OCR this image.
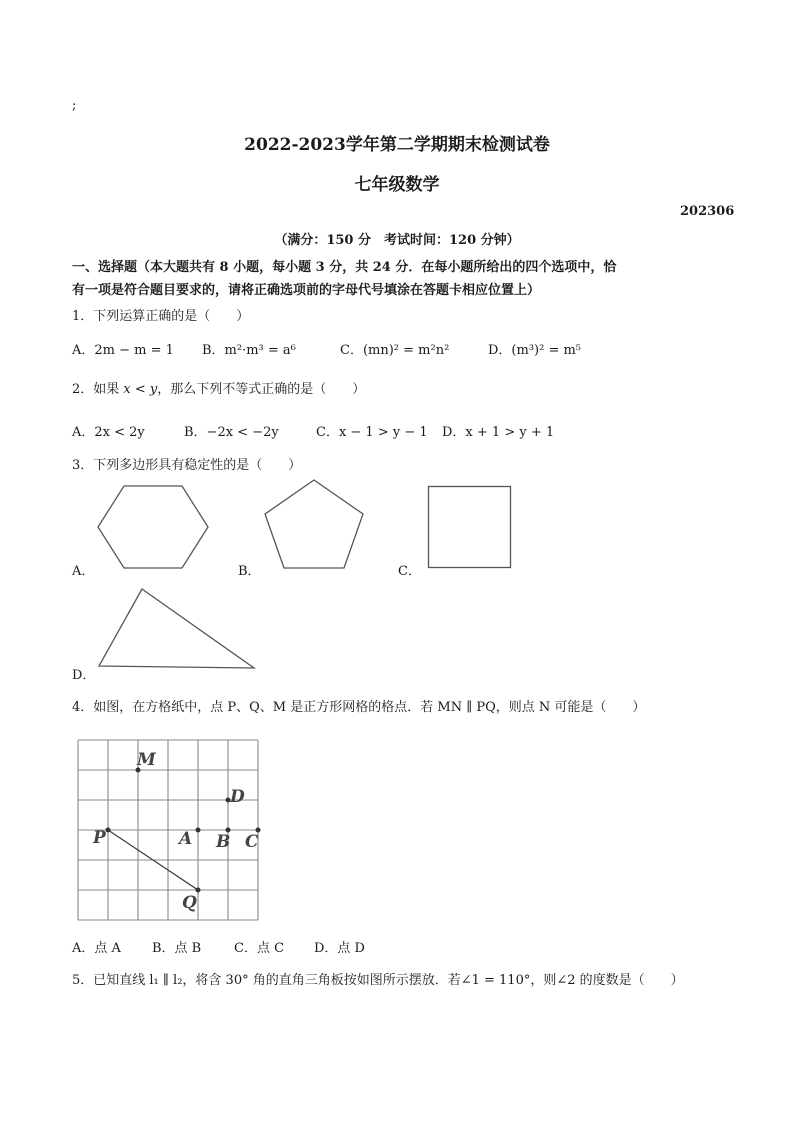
;
2022-2023学年第二学期期末检测试卷
七年级数学
202306
（满分：150 分　考试时间：120 分钟）
一、选择题（本大题共有 8 小题，每小题 3 分，共 24 分．在每小题所给出的四个选项中，恰
有一项是符合题目要求的，请将正确选项前的字母代号填涂在答题卡相应位置上）
1．下列运算正确的是（　　）
A．2m − m = 1 B．m²·m³ = a⁶	C．(mn)² = m²n²	D．(m³)² = m⁵
2．如果 x < y，那么下列不等式正确的是（　　）
A．2x < 2y	B．−2x < −2y	C．x − 1 > y − 1 D．x + 1 > y + 1
3．下列多边形具有稳定性的是（　　）
A．	B．	C．
D．
4．如图，在方格纸中，点 P、Q、M 是正方形网格的格点．若 MN ∥ PQ，则点 N 可能是（　　）
M
D
P	A B C
Q
A．点 A B．点 B	C．点 C D．点 D
5．已知直线 l₁ ∥ l₂，将含 30° 角的直角三角板按如图所示摆放．若∠1 = 110°，则∠2 的度数是（　　）
